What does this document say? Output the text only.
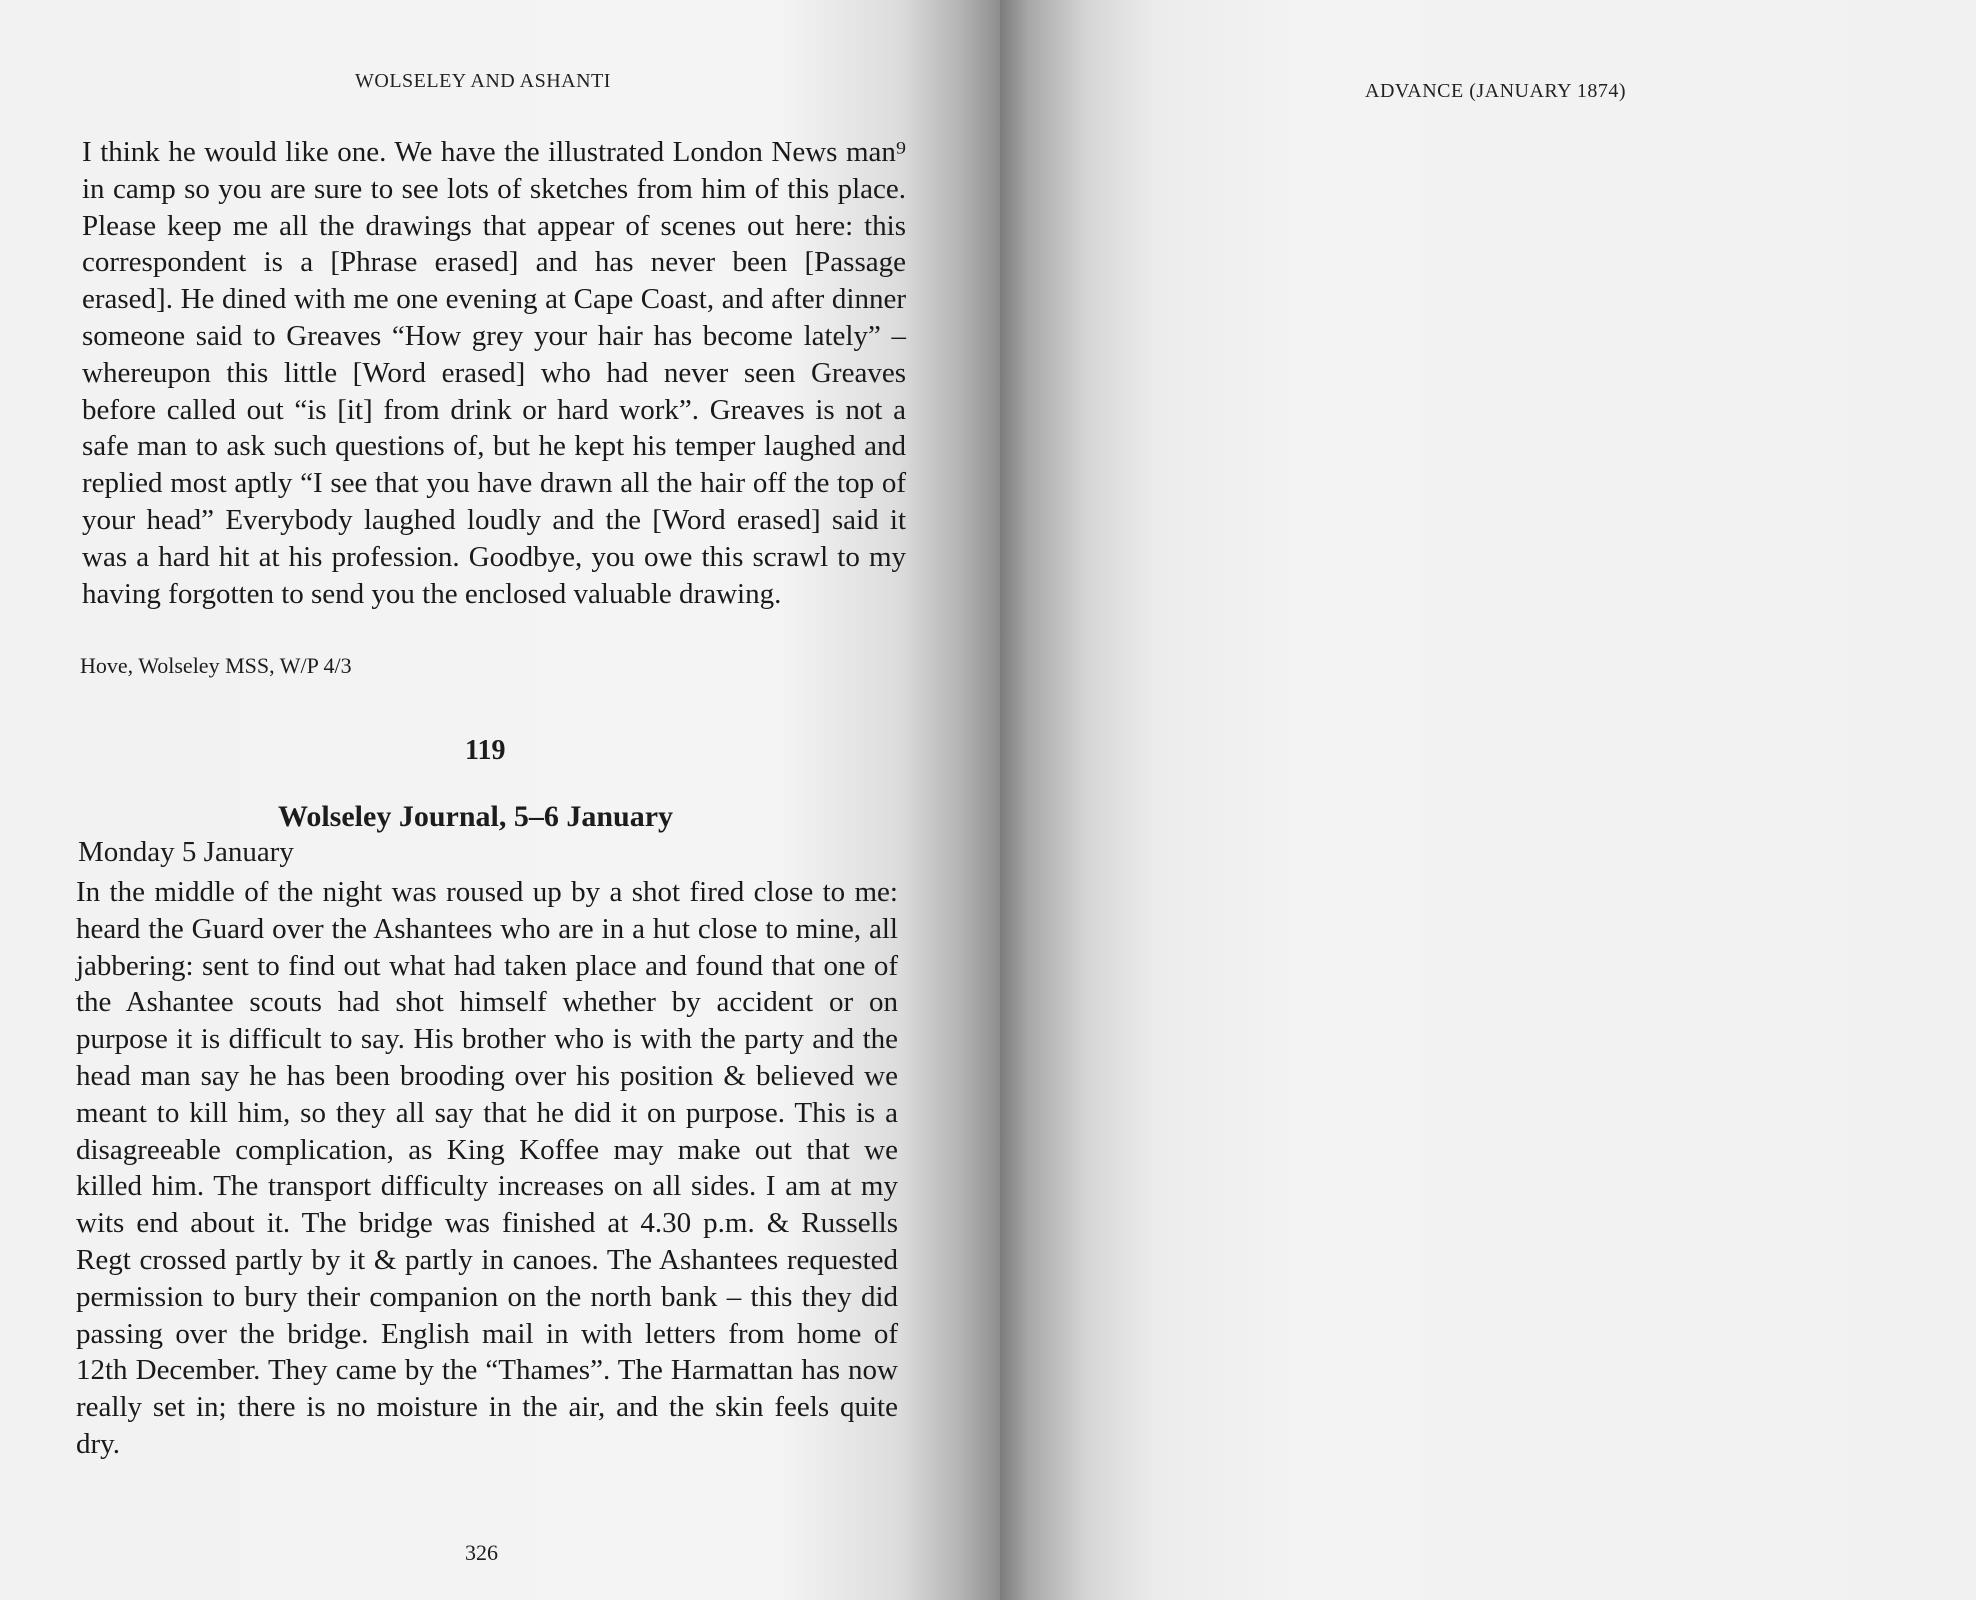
WOLSELEY AND ASHANTI
I think he would like one. We have the illustrated London News man⁹ in camp so you are sure to see lots of sketches from him of this place. Please keep me all the drawings that appear of scenes out here: this correspondent is a [Phrase erased] and has never been [Passage erased]. He dined with me one evening at Cape Coast, and after dinner someone said to Greaves “How grey your hair has become lately” – whereupon this little [Word erased] who had never seen Greaves before called out “is [it] from drink or hard work”. Greaves is not a safe man to ask such questions of, but he kept his temper laughed and replied most aptly “I see that you have drawn all the hair off the top of your head” Everybody laughed loudly and the [Word erased] said it was a hard hit at his profession. Goodbye, you owe this scrawl to my having forgotten to send you the enclosed valuable drawing.
Hove, Wolseley MSS, W/P 4/3
119
Wolseley Journal, 5–6 January
Monday 5 January
In the middle of the night was roused up by a shot fired close to me: heard the Guard over the Ashantees who are in a hut close to mine, all jabbering: sent to find out what had taken place and found that one of the Ashantee scouts had shot himself whether by accident or on purpose it is difficult to say. His brother who is with the party and the head man say he has been brooding over his position & believed we meant to kill him, so they all say that he did it on purpose. This is a disagreeable complication, as King Koffee may make out that we killed him. The transport difficulty increases on all sides. I am at my wits end about it. The bridge was finished at 4.30 p.m. & Russells Regt crossed partly by it & partly in canoes. The Ashantees requested permission to bury their companion on the north bank – this they did passing over the bridge. English mail in with letters from home of 12th December. They came by the “Thames”. The Harmattan has now really set in; there is no moisture in the air, and the skin feels quite dry.
326
ADVANCE (JANUARY 1874)
